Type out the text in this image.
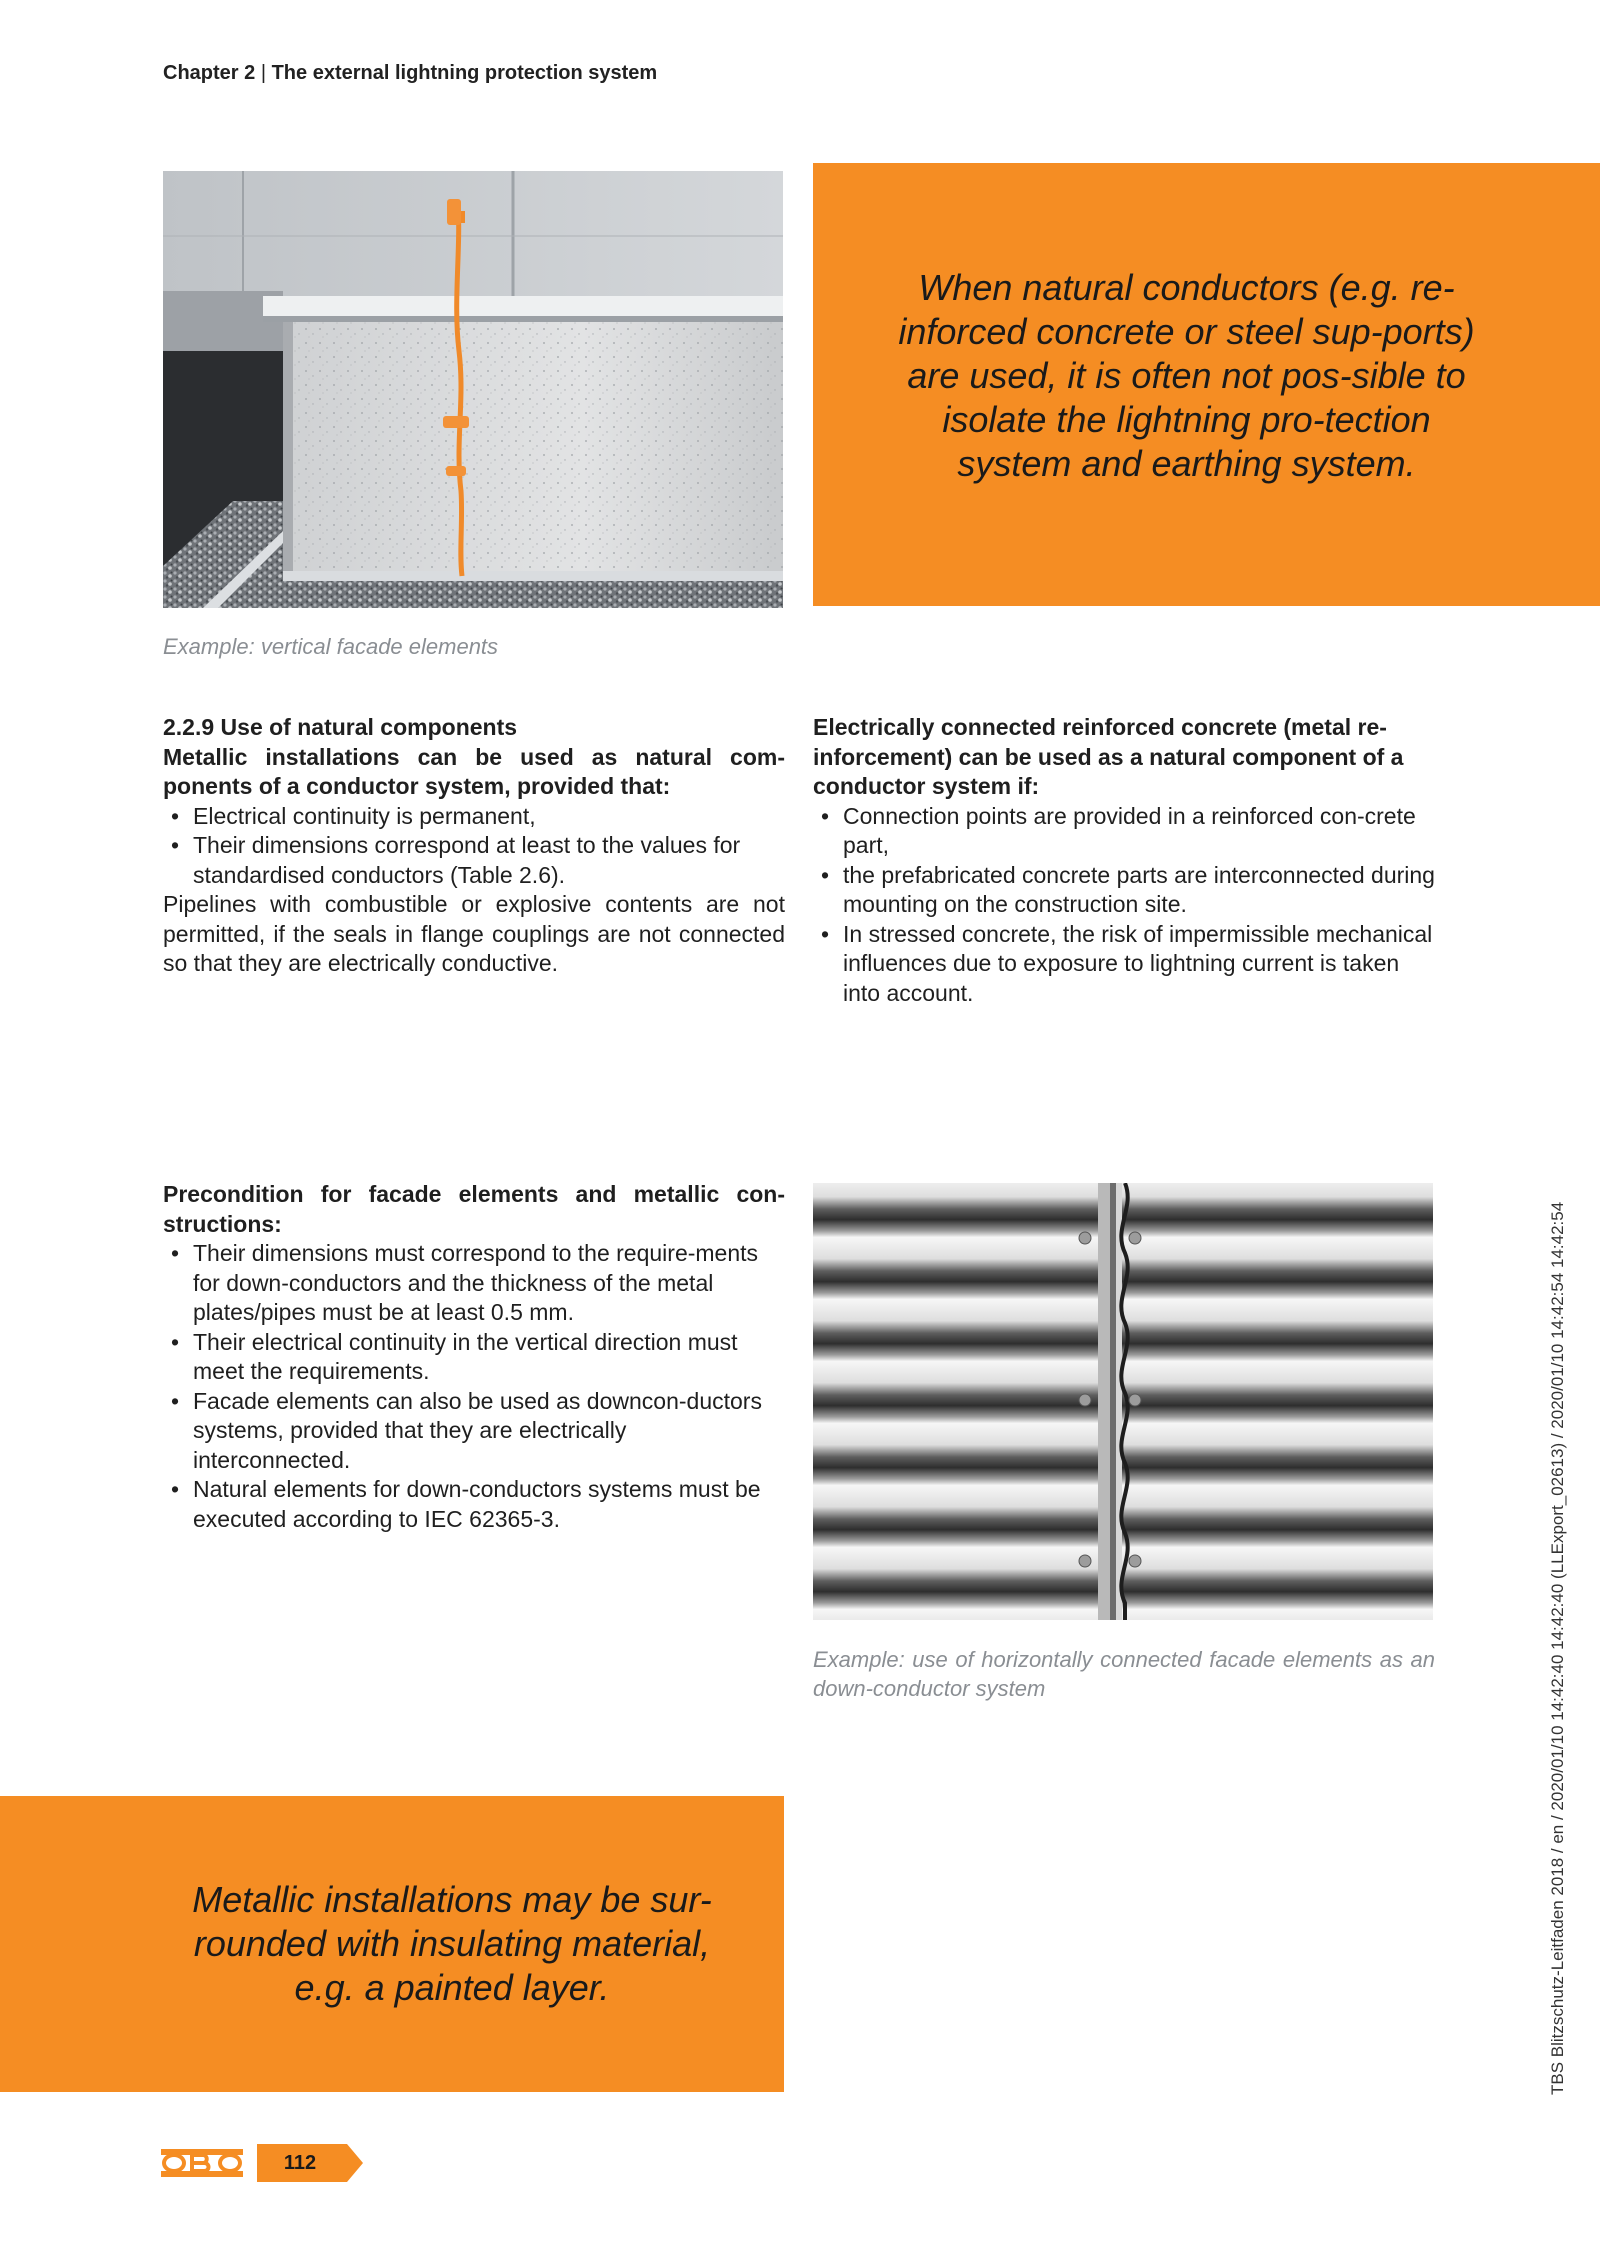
Chapter 2 | The external lightning protection system

When natural conductors (e.g. re-inforced concrete or steel sup-ports) are used, it is often not pos-sible to isolate the lightning pro-tection system and earthing system.

Example: vertical facade elements
2.2.9 Use of natural components
Metallic installations can be used as natural com-ponents of a conductor system, provided that:
• Electrical continuity is permanent,
• Their dimensions correspond at least to the values for standardised conductors (Table 2.6).
Pipelines with combustible or explosive contents are not permitted, if the seals in flange couplings are not connected so that they are electrically conductive.
Electrically connected reinforced concrete (metal re-inforcement) can be used as a natural component of a conductor system if:
• Connection points are provided in a reinforced con-crete part,
• the prefabricated concrete parts are interconnected during mounting on the construction site.
• In stressed concrete, the risk of impermissible mechanical influences due to exposure to lightning current is taken into account.
Precondition for facade elements and metallic con-structions:
• Their dimensions must correspond to the require-ments for down-conductors and the thickness of the metal plates/pipes must be at least 0.5 mm.
• Their electrical continuity in the vertical direction must meet the requirements.
• Facade elements can also be used as downcon-ductors systems, provided that they are electrically interconnected.
• Natural elements for down-conductors systems must be executed according to IEC 62365-3.
Example: use of horizontally connected facade elements as an down-conductor system

Metallic installations may be sur-rounded with insulating material, e.g. a painted layer.	TBS Blitzschutz-Leitfaden 2018 / en / 2020/01/10 14:42:40 14:42:40 (LLExport_02613) / 2020/01/10 14:42:54 14:42:54
112
